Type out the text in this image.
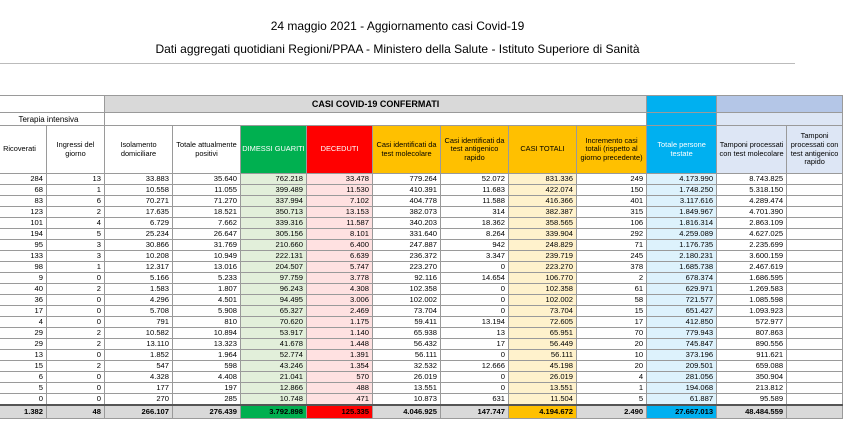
24 maggio 2021 - Aggiornamento casi Covid-19
Dati aggregati quotidiani Regioni/PPAA - Ministero della Salute - Istituto Superiore di Sanità
		CASI COVID-19 CONFERMATI										
Terapia intensiva												
Ricoverati	Ingressi del giorno	Isolamento domiciliare	Totale attualmente positivi	DIMESSI GUARITI	DECEDUTI	Casi identificati da test molecolare	Casi identificati da test antigenico rapido	CASI TOTALI	Incremento casi totali (rispetto al giorno precedente)	Totale persone testate	Tamponi processati con test molecolare	Tamponi processati con test antigenico rapido
284	13	33.883	35.640	762.218	33.478	779.264	52.072	831.336	249	4.173.990	8.743.825	
68	1	10.558	11.055	399.489	11.530	410.391	11.683	422.074	150	1.748.250	5.318.150	
83	6	70.271	71.270	337.994	7.102	404.778	11.588	416.366	401	3.117.616	4.289.474	
123	2	17.635	18.521	350.713	13.153	382.073	314	382.387	315	1.849.967	4.701.390	
101	4	6.729	7.662	339.316	11.587	340.203	18.362	358.565	106	1.816.314	2.863.109	
194	5	25.234	26.647	305.156	8.101	331.640	8.264	339.904	292	4.259.089	4.627.025	
95	3	30.866	31.769	210.660	6.400	247.887	942	248.829	71	1.176.735	2.235.699	
133	3	10.208	10.949	222.131	6.639	236.372	3.347	239.719	245	2.180.231	3.600.159	
98	1	12.317	13.016	204.507	5.747	223.270	0	223.270	378	1.685.738	2.467.619	
9	0	5.166	5.233	97.759	3.778	92.116	14.654	106.770	2	678.374	1.686.595	
40	2	1.583	1.807	96.243	4.308	102.358	0	102.358	61	629.971	1.269.583	
36	0	4.296	4.501	94.495	3.006	102.002	0	102.002	58	721.577	1.085.598	
17	0	5.708	5.908	65.327	2.469	73.704	0	73.704	15	651.427	1.093.923	
4	0	791	810	70.620	1.175	59.411	13.194	72.605	17	412.850	572.977	
29	2	10.582	10.894	53.917	1.140	65.938	13	65.951	70	779.943	807.863	
29	2	13.110	13.323	41.678	1.448	56.432	17	56.449	20	745.847	890.556	
13	0	1.852	1.964	52.774	1.391	56.111	0	56.111	10	373.196	911.621	
15	2	547	598	43.246	1.354	32.532	12.666	45.198	20	209.501	659.088	
6	0	4.328	4.408	21.041	570	26.019	0	26.019	4	281.056	350.904	
5	0	177	197	12.866	488	13.551	0	13.551	1	194.068	213.812	
0	0	270	285	10.748	471	10.873	631	11.504	5	61.887	95.589	
1.382	48	266.107	276.439	3.792.898	125.335	4.046.925	147.747	4.194.672	2.490	27.667.013	48.484.559	
